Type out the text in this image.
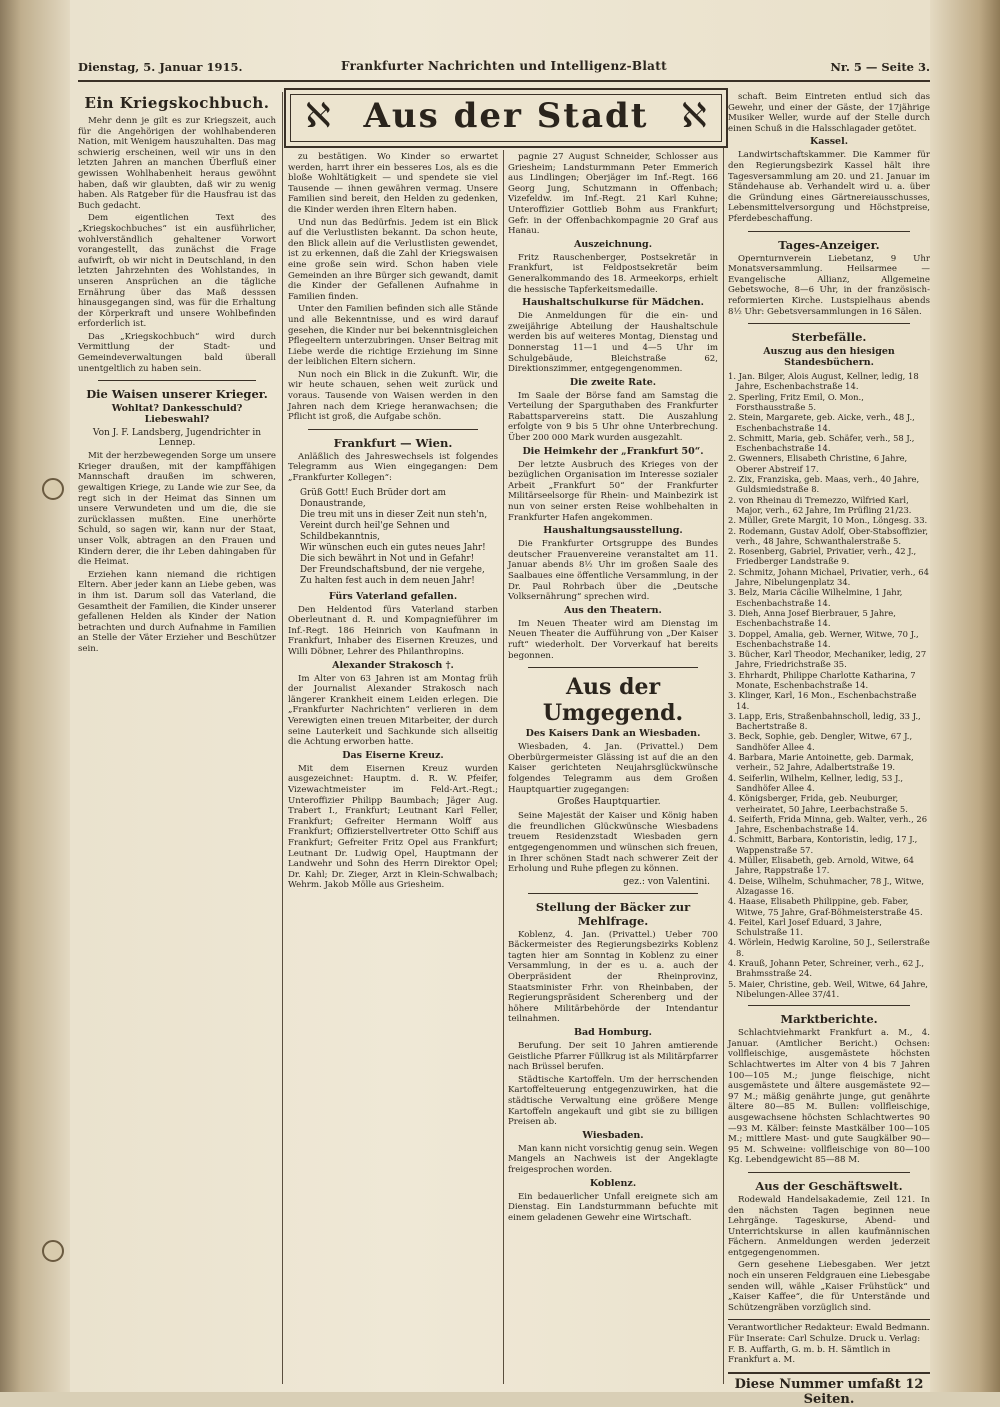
Dienstag, 5. Januar 1915.	Frankfurter Nachrichten und Intelligenz-Blatt	Nr. 5 — Seite 3.
Ein Kriegskochbuch.

Mehr denn je gilt es zur Kriegszeit, auch für die Angehörigen der wohlhabenderen Nation, mit Wenigem hauszuhalten. Das mag schwierig erscheinen, weil wir uns in den letzten Jahren an manchen Überfluß einer gewissen Wohlhabenheit heraus gewöhnt haben, daß wir glaubten, daß wir zu wenig haben. Als Ratgeber für die Hausfrau ist das Buch gedacht.

Dem eigentlichen Text des „Kriegskochbuches“ ist ein ausführlicher, wohlverständlich gehaltener Vorwort vorangestellt, das zunächst die Frage aufwirft, ob wir nicht in Deutschland, in den letzten Jahrzehnten des Wohlstandes, in unseren Ansprüchen an die tägliche Ernährung über das Maß desssen hinausgegangen sind, was für die Erhaltung der Körperkraft und unsere Wohlbefinden erforderlich ist.

Das „Kriegskochbuch“ wird durch Vermittlung der Stadt- und Gemeindeverwaltungen bald überall unentgeltlich zu haben sein.

Die Waisen unserer Krieger.
Wohltat? Dankesschuld? Liebeswahl?
Von J. F. Landsberg, Jugendrichter in Lennep.

Mit der herzbewegenden Sorge um unsere Krieger draußen, mit der kampffähigen Mannschaft draußen im schweren, gewaltigen Kriege, zu Lande wie zur See, da regt sich in der Heimat das Sinnen um unsere Verwundeten und um die, die sie zurücklassen mußten. Eine unerhörte Schuld, so sagen wir, kann nur der Staat, unser Volk, abtragen an den Frauen und Kindern derer, die ihr Leben dahingaben für die Heimat.

Erziehen kann niemand die richtigen Eltern. Aber jeder kann an Liebe geben, was in ihm ist. Darum soll das Vaterland, die Gesamtheit der Familien, die Kinder unserer gefallenen Helden als Kinder der Nation betrachten und durch Aufnahme in Familien an Stelle der Väter Erzieher und Beschützer sein.

ℵ Aus der Stadt ℵ

zu bestätigen. Wo Kinder so erwartet werden, harrt ihrer ein besseres Los, als es die bloße Wohltätigkeit — und spendete sie viel Tausende — ihnen gewähren vermag. Unsere Familien sind bereit, den Helden zu gedenken, die Kinder werden ihren Eltern haben.

Und nun das Bedürfnis. Jedem ist ein Blick auf die Verlustlisten bekannt. Da schon heute, den Blick allein auf die Verlustlisten gewendet, ist zu erkennen, daß die Zahl der Kriegswaisen eine große sein wird. Schon haben viele Gemeinden an ihre Bürger sich gewandt, damit die Kinder der Gefallenen Aufnahme in Familien finden.

Unter den Familien befinden sich alle Stände und alle Bekenntnisse, und es wird darauf gesehen, die Kinder nur bei bekenntnisgleichen Pflegeeltern unterzubringen. Unser Beitrag mit Liebe werde die richtige Erziehung im Sinne der leiblichen Eltern sichern.

Nun noch ein Blick in die Zukunft. Wir, die wir heute schauen, sehen weit zurück und voraus. Tausende von Waisen werden in den Jahren nach dem Kriege heranwachsen; die Pflicht ist groß, die Aufgabe schön.

Frankfurt — Wien.

Anläßlich des Jahreswechsels ist folgendes Telegramm aus Wien eingegangen: Dem „Frankfurter Kollegen“:

Grüß Gott! Euch Brüder dort am Donaustrande,
Die treu mit uns in dieser Zeit nun steh'n,
Vereint durch heil'ge Sehnen und Schildbekanntnis,
Wir wünschen euch ein gutes neues Jahr!
Die sich bewährt in Not und in Gefahr!
Der Freundschaftsbund, der nie vergehe,
Zu halten fest auch in dem neuen Jahr!
Fürs Vaterland gefallen.

Den Heldentod fürs Vaterland starben Oberleutnant d. R. und Kompagnieführer im Inf.-Regt. 186 Heinrich von Kaufmann in Frankfurt, Inhaber des Eisernen Kreuzes, und Willi Döbner, Lehrer des Philanthropins.

Alexander Strakosch †.

Im Alter von 63 Jahren ist am Montag früh der Journalist Alexander Strakosch nach längerer Krankheit einem Leiden erlegen. Die „Frankfurter Nachrichten“ verlieren in dem Verewigten einen treuen Mitarbeiter, der durch seine Lauterkeit und Sachkunde sich allseitig die Achtung erworben hatte.

Das Eiserne Kreuz.

Mit dem Eisernen Kreuz wurden ausgezeichnet: Hauptm. d. R. W. Pfeifer, Vizewachtmeister im Feld-Art.-Regt.; Unteroffizier Philipp Baumbach; Jäger Aug. Trabert I., Frankfurt; Leutnant Karl Feller, Frankfurt; Gefreiter Hermann Wolff aus Frankfurt; Offizierstellvertreter Otto Schiff aus Frankfurt; Gefreiter Fritz Opel aus Frankfurt; Leutnant Dr. Ludwig Opel, Hauptmann der Landwehr und Sohn des Herrn Direktor Opel; Dr. Kahl; Dr. Zieger, Arzt in Klein-Schwalbach; Wehrm. Jakob Mölle aus Griesheim.

pagnie 27 August Schneider, Schlosser aus Griesheim; Landsturmmann Peter Emmerich aus Lindlingen; Oberjäger im Inf.-Regt. 166 Georg Jung, Schutzmann in Offenbach; Vizefeldw. im Inf.-Regt. 21 Karl Kuhne; Unteroffizier Gottlieb Bohm aus Frankfurt; Gefr. in der Offenbachkompagnie 20 Graf aus Hanau.

Auszeichnung.

Fritz Rauschenberger, Postsekretär in Frankfurt, ist Feldpostsekretär beim Generalkommando des 18. Armeekorps, erhielt die hessische Tapferkeitsmedaille.

Haushaltschulkurse für Mädchen.

Die Anmeldungen für die ein- und zweijährige Abteilung der Haushaltschule werden bis auf weiteres Montag, Dienstag und Donnerstag 11—1 und 4—5 Uhr im Schulgebäude, Bleichstraße 62, Direktionszimmer, entgegengenommen.

Die zweite Rate.

Im Saale der Börse fand am Samstag die Verteilung der Sparguthaben des Frankfurter Rabattsparvereins statt. Die Auszahlung erfolgte von 9 bis 5 Uhr ohne Unterbrechung. Über 200 000 Mark wurden ausgezahlt.

Die Heimkehr der „Frankfurt 50“.

Der letzte Ausbruch des Krieges von der bezüglichen Organisation im Interesse sozialer Arbeit „Frankfurt 50“ der Frankfurter Militärseelsorge für Rhein- und Mainbezirk ist nun von seiner ersten Reise wohlbehalten in Frankfurter Hafen angekommen.

Haushaltungsausstellung.

Die Frankfurter Ortsgruppe des Bundes deutscher Frauenvereine veranstaltet am 11. Januar abends 8½ Uhr im großen Saale des Saalbaues eine öffentliche Versammlung, in der Dr. Paul Rohrbach über die „Deutsche Volksernährung“ sprechen wird.

Aus den Theatern.

Im Neuen Theater wird am Dienstag im Neuen Theater die Aufführung von „Der Kaiser ruft“ wiederholt. Der Vorverkauf hat bereits begonnen.

Aus der Umgegend.
Des Kaisers Dank an Wiesbaden.

Wiesbaden, 4. Jan. (Privattel.) Dem Oberbürgermeister Glässing ist auf die an den Kaiser gerichteten Neujahrsglückwünsche folgendes Telegramm aus dem Großen Hauptquartier zugegangen:

Großes Hauptquartier.

Seine Majestät der Kaiser und König haben die freundlichen Glückwünsche Wiesbadens treuem Residenzstadt Wiesbaden gern entgegengenommen und wünschen sich freuen, in Ihrer schönen Stadt nach schwerer Zeit der Erholung und Ruhe pflegen zu können.

gez.: von Valentini.
Stellung der Bäcker zur Mehlfrage.

Koblenz, 4. Jan. (Privattel.) Ueber 700 Bäckermeister des Regierungsbezirks Koblenz tagten hier am Sonntag in Koblenz zu einer Versammlung, in der es u. a. auch der Oberpräsident der Rheinprovinz, Staatsminister Frhr. von Rheinbaben, der Regierungspräsident Scherenberg und der höhere Militärbehörde der Intendantur teilnahmen.

Bad Homburg.

Berufung. Der seit 10 Jahren amtierende Geistliche Pfarrer Füllkrug ist als Militärpfarrer nach Brüssel berufen.

Städtische Kartoffeln. Um der herrschenden Kartoffelteuerung entgegenzuwirken, hat die städtische Verwaltung eine größere Menge Kartoffeln angekauft und gibt sie zu billigen Preisen ab.

Wiesbaden.

Man kann nicht vorsichtig genug sein. Wegen Mangels an Nachweis ist der Angeklagte freigesprochen worden.

Koblenz.

Ein bedauerlicher Unfall ereignete sich am Dienstag. Ein Landsturmmann befuchte mit einem geladenen Gewehr eine Wirtschaft.

schaft. Beim Eintreten entlud sich das Gewehr, und einer der Gäste, der 17jährige Musiker Weller, wurde auf der Stelle durch einen Schuß in die Halsschlagader getötet.

Kassel.

Landwirtschaftskammer. Die Kammer für den Regierungsbezirk Kassel hält ihre Tagesversammlung am 20. und 21. Januar im Ständehause ab. Verhandelt wird u. a. über die Gründung eines Gärtnereiausschusses, Lebensmittelversorgung und Höchstpreise, Pferdebeschaffung.

Tages-Anzeiger.

Opernturnverein Liebetanz, 9 Uhr Monatsversammlung. Heilsarmee — Evangelische Allianz, Allgemeine Gebetswoche, 8—6 Uhr, in der französisch-reformierten Kirche. Lustspielhaus abends 8½ Uhr: Gebetsversammlungen in 16 Sälen.

Sterbefälle.
Auszug aus den hiesigen Standesbüchern.
1. Jan. Bilger, Alois August, Kellner, ledig, 18 Jahre, Eschenbachstraße 14.
2. Sperling, Fritz Emil, O. Mon., Forsthausstraße 5.
2. Stein, Margarete, geb. Aicke, verh., 48 J., Eschenbachstraße 14.
2. Schmitt, Maria, geb. Schäfer, verh., 58 J., Eschenbachstraße 14.
2. Gwenners, Elisabeth Christine, 6 Jahre, Oberer Abstreif 17.
2. Zix, Franziska, geb. Maas, verh., 40 Jahre, Guldsmiedstraße 8.
2. von Rheinau di Tremezzo, Wilfried Karl, Major, verh., 62 Jahre, Im Prüfling 21/23.
2. Müller, Grete Margit, 10 Mon., Löngesg. 33.
2. Rodemann, Gustav Adolf, Ober-Stabsoffizier, verh., 48 Jahre, Schwanthalerstraße 5.
2. Rosenberg, Gabriel, Privatier, verh., 42 J., Friedberger Landstraße 9.
2. Schmitz, Johann Michael, Privatier, verh., 64 Jahre, Nibelungenplatz 34.
3. Belz, Maria Cäcilie Wilhelmine, 1 Jahr, Eschenbachstraße 14.
3. Dieh, Anna Josef Bierbrauer, 5 Jahre, Eschenbachstraße 14.
3. Doppel, Amalia, geb. Werner, Witwe, 70 J., Eschenbachstraße 14.
3. Bücher, Karl Theodor, Mechaniker, ledig, 27 Jahre, Friedrichstraße 35.
3. Ehrhardt, Philippe Charlotte Katharina, 7 Monate, Eschenbachstraße 14.
3. Klinger, Karl, 16 Mon., Eschenbachstraße 14.
3. Lapp, Eris, Straßenbahnscholl, ledig, 33 J., Bachertstraße 8.
3. Beck, Sophie, geb. Dengler, Witwe, 67 J., Sandhöfer Allee 4.
4. Barbara, Marie Antoinette, geb. Darmak, verheir., 52 Jahre, Adalbertstraße 19.
4. Seiferlin, Wilhelm, Kellner, ledig, 53 J., Sandhöfer Allee 4.
4. Königsberger, Frida, geb. Neuburger, verheiratet, 50 Jahre, Leerbachstraße 5.
4. Seiferth, Frida Minna, geb. Walter, verh., 26 Jahre, Eschenbachstraße 14.
4. Schmitt, Barbara, Kontoristin, ledig, 17 J., Wappenstraße 57.
4. Müller, Elisabeth, geb. Arnold, Witwe, 64 Jahre, Rappstraße 17.
4. Deise, Wilhelm, Schuhmacher, 78 J., Witwe, Alzagasse 16.
4. Haase, Elisabeth Philippine, geb. Faber, Witwe, 75 Jahre, Graf-Böhmeisterstraße 45.
4. Feitel, Karl Josef Eduard, 3 Jahre, Schulstraße 11.
4. Wörlein, Hedwig Karoline, 50 J., Seilerstraße 8.
4. Krauß, Johann Peter, Schreiner, verh., 62 J., Brahmsstraße 24.
5. Maier, Christine, geb. Weil, Witwe, 64 Jahre, Nibelungen-Allee 37/41.
Marktberichte.

Schlachtviehmarkt Frankfurt a. M., 4. Januar. (Amtlicher Bericht.) Ochsen: vollfleischige, ausgemästete höchsten Schlachtwertes im Alter von 4 bis 7 Jahren 100—105 M.; junge fleischige, nicht ausgemästete und ältere ausgemästete 92—97 M.; mäßig genährte junge, gut genährte ältere 80—85 M. Bullen: vollfleischige, ausgewachsene höchsten Schlachtwertes 90—93 M. Kälber: feinste Mastkälber 100—105 M.; mittlere Mast- und gute Saugkälber 90—95 M. Schweine: vollfleischige von 80—100 Kg. Lebendgewicht 85—88 M.

Aus der Geschäftswelt.

Rodewald Handelsakademie, Zeil 121. In den nächsten Tagen beginnen neue Lehrgänge. Tageskurse, Abend- und Unterrichtskurse in allen kaufmännischen Fächern. Anmeldungen werden jederzeit entgegengenommen.

Gern gesehene Liebesgaben. Wer jetzt noch ein unseren Feldgrauen eine Liebesgabe senden will, wähle „Kaiser Frühstück“ und „Kaiser Kaffee“, die für Unterstände und Schützengräben vorzüglich sind.

Verantwortlicher Redakteur: Ewald Bedmann. Für Inserate: Carl Schulze. Druck u. Verlag: F. B. Auffarth, G. m. b. H. Sämtlich in Frankfurt a. M.
Diese Nummer umfaßt 12 Seiten.
